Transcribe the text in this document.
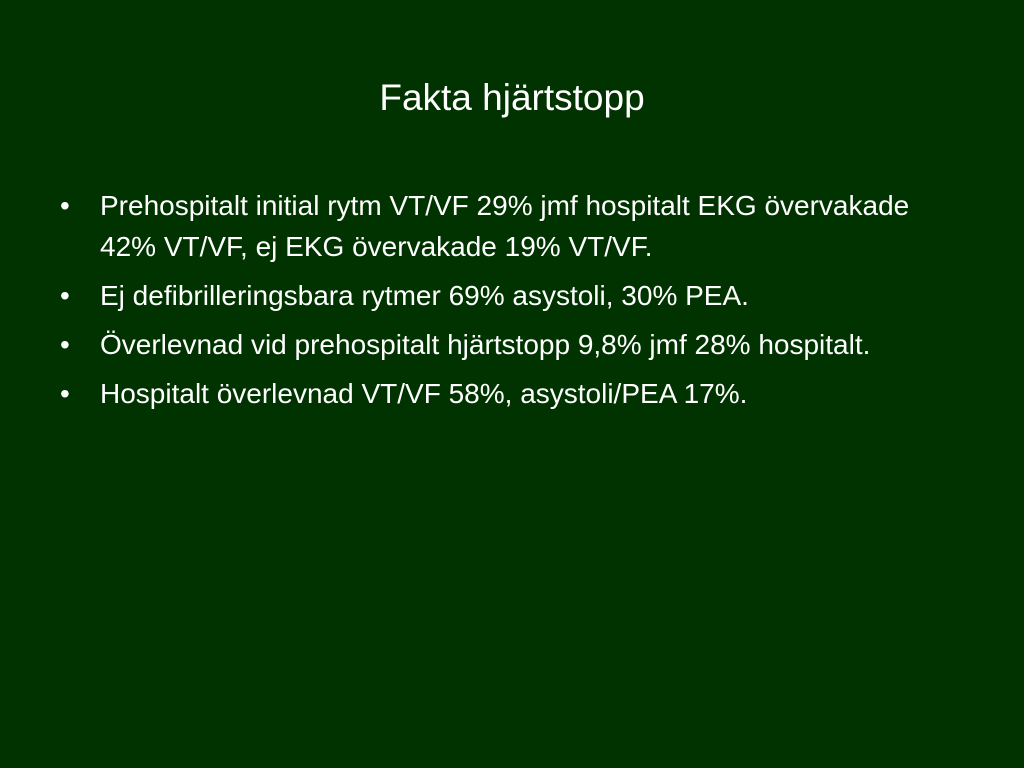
Fakta hjärtstopp
• Prehospitalt initial rytm VT/VF 29% jmf hospitalt EKG övervakade 42% VT/VF, ej EKG övervakade 19% VT/VF.
• Ej defibrilleringsbara rytmer 69% asystoli, 30% PEA.
• Överlevnad vid prehospitalt hjärtstopp 9,8% jmf 28% hospitalt.
• Hospitalt överlevnad VT/VF 58%, asystoli/PEA 17%.
